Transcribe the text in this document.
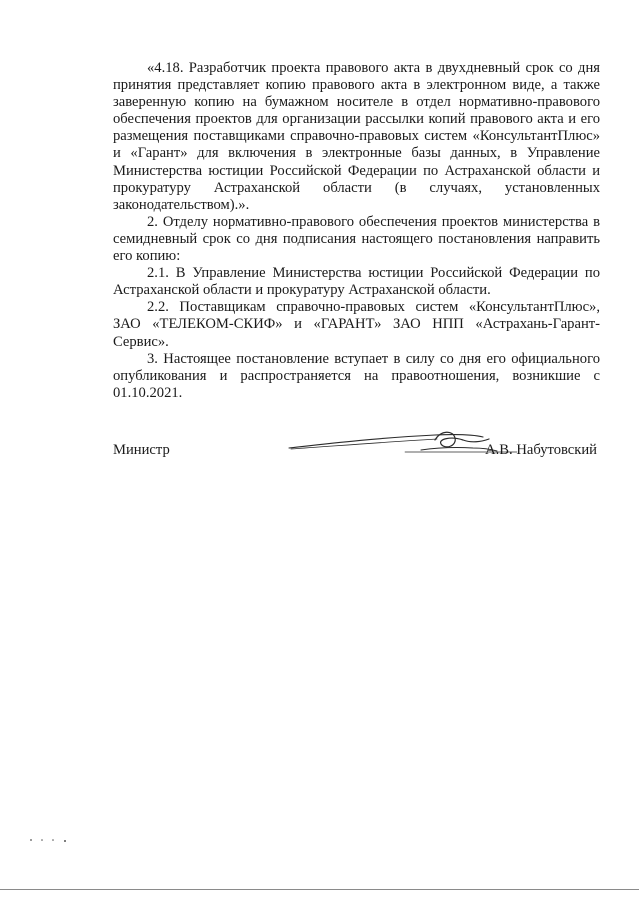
«4.18. Разработчик проекта правового акта в двухдневный срок со дня принятия представляет копию правового акта в электронном виде, а также заверенную копию на бумажном носителе в отдел нормативно-правового обеспечения проектов для организации рассылки копий правового акта и его размещения поставщиками справочно-правовых систем «КонсультантПлюс» и «Гарант» для включения в электронные базы данных, в Управление Министерства юстиции Российской Федерации по Астраханской области и прокуратуру Астраханской области (в случаях, установленных законодательством).».

2. Отделу нормативно-правового обеспечения проектов министерства в семидневный срок со дня подписания настоящего постановления направить его копию:

2.1. В Управление Министерства юстиции Российской Федерации по Астраханской области и прокуратуру Астраханской области.

2.2. Поставщикам справочно-правовых систем «КонсультантПлюс», ЗАО «ТЕЛЕКОМ-СКИФ» и «ГАРАНТ» ЗАО НПП «Астрахань-Гарант-Сервис».

3. Настоящее постановление вступает в силу со дня его официального опубликования и распространяется на правоотношения, возникшие с 01.10.2021.

Министр	А.В. Набутовский
